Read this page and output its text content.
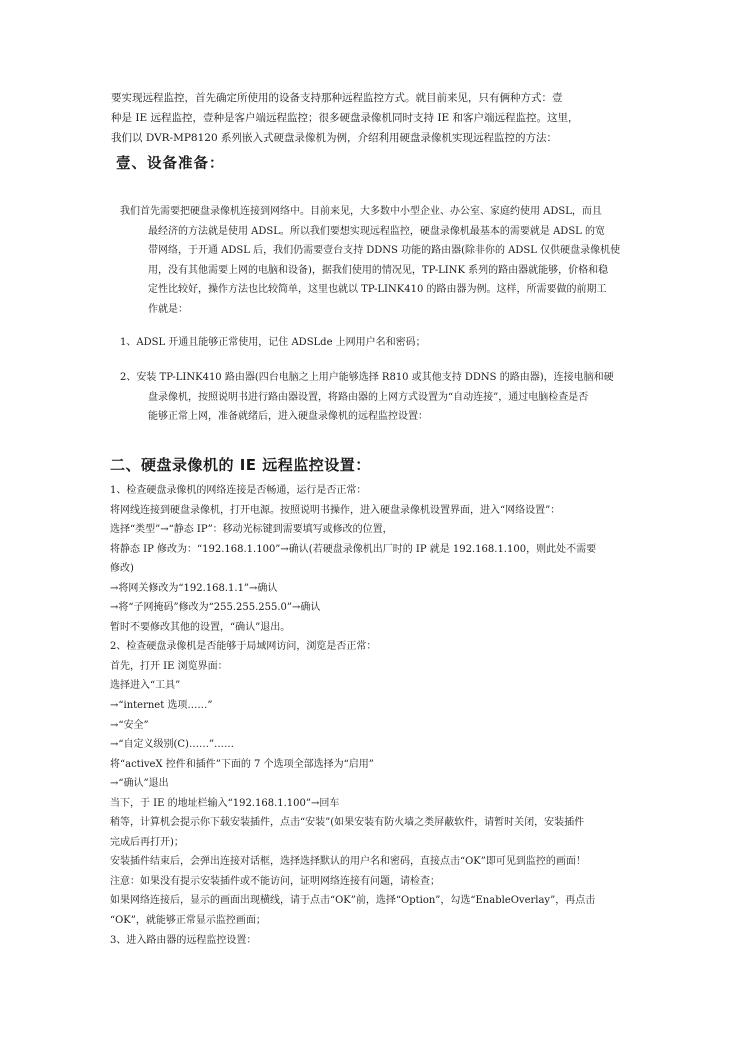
要实现远程监控，首先确定所使用的设备支持那种远程监控方式。就目前来见，只有俩种方式：壹
种是 IE 远程监控，壹种是客户端远程监控；很多硬盘录像机同时支持 IE 和客户端远程监控。这里，
我们以 DVR-MP8120 系列嵌入式硬盘录像机为例，介绍利用硬盘录像机实现远程监控的方法：
壹、设备准备：
我们首先需要把硬盘录像机连接到网络中。目前来见，大多数中小型企业、办公室、家庭约使用 ADSL，而且
最经济的方法就是使用 ADSL。所以我们要想实现远程监控，硬盘录像机最基本的需要就是 ADSL 的宽
带网络，于开通 ADSL 后，我们仍需要壹台支持 DDNS 功能的路由器(除非你的 ADSL 仅供硬盘录像机使
用，没有其他需要上网的电脑和设备)，据我们使用的情况见，TP-LINK 系列的路由器就能够，价格和稳
定性比较好，操作方法也比较简单，这里也就以 TP-LINK410 的路由器为例。这样，所需要做的前期工
作就是：
1、ADSL 开通且能够正常使用，记住 ADSLde 上网用户名和密码；
2、安装 TP-LINK410 路由器(四台电脑之上用户能够选择 R810 或其他支持 DDNS 的路由器)，连接电脑和硬
盘录像机，按照说明书进行路由器设置，将路由器的上网方式设置为“自动连接”，通过电脑检查是否
能够正常上网，准备就绪后，进入硬盘录像机的远程监控设置：
二、硬盘录像机的 IE 远程监控设置：
1、检查硬盘录像机的网络连接是否畅通，运行是否正常：
将网线连接到硬盘录像机，打开电源。按照说明书操作，进入硬盘录像机设置界面，进入“网络设置”：
选择“类型”→“静态 IP”：移动光标键到需要填写或修改的位置，
将静态 IP 修改为：“192.168.1.100”→确认(若硬盘录像机出厂时的 IP 就是 192.168.1.100，则此处不需要
修改)
→将网关修改为“192.168.1.1”→确认
→将“子网掩码”修改为“255.255.255.0”→确认
暂时不要修改其他的设置，“确认”退出。
2、检查硬盘录像机是否能够于局域网访问，浏览是否正常：
首先，打开 IE 浏览界面：
选择进入“工具”
→“internet 选项……”
→“安全”
→“自定义级别(C)……”……
将“activeX 控件和插件”下面的 7 个选项全部选择为“启用”
→“确认”退出
当下，于 IE 的地址栏输入“192.168.1.100”→回车
稍等，计算机会提示你下载安装插件，点击“安装”(如果安装有防火墙之类屏蔽软件，请暂时关闭，安装插件
完成后再打开)；
安装插件结束后，会弹出连接对话框，选择选择默认的用户名和密码，直接点击“OK”即可见到监控的画面！
注意：如果没有提示安装插件或不能访问，证明网络连接有问题，请检查；
如果网络连接后，显示的画面出现横线，请于点击“OK”前，选择“Option”，勾选“EnableOverlay”，再点击
“OK”，就能够正常显示监控画面；
3、进入路由器的远程监控设置：
